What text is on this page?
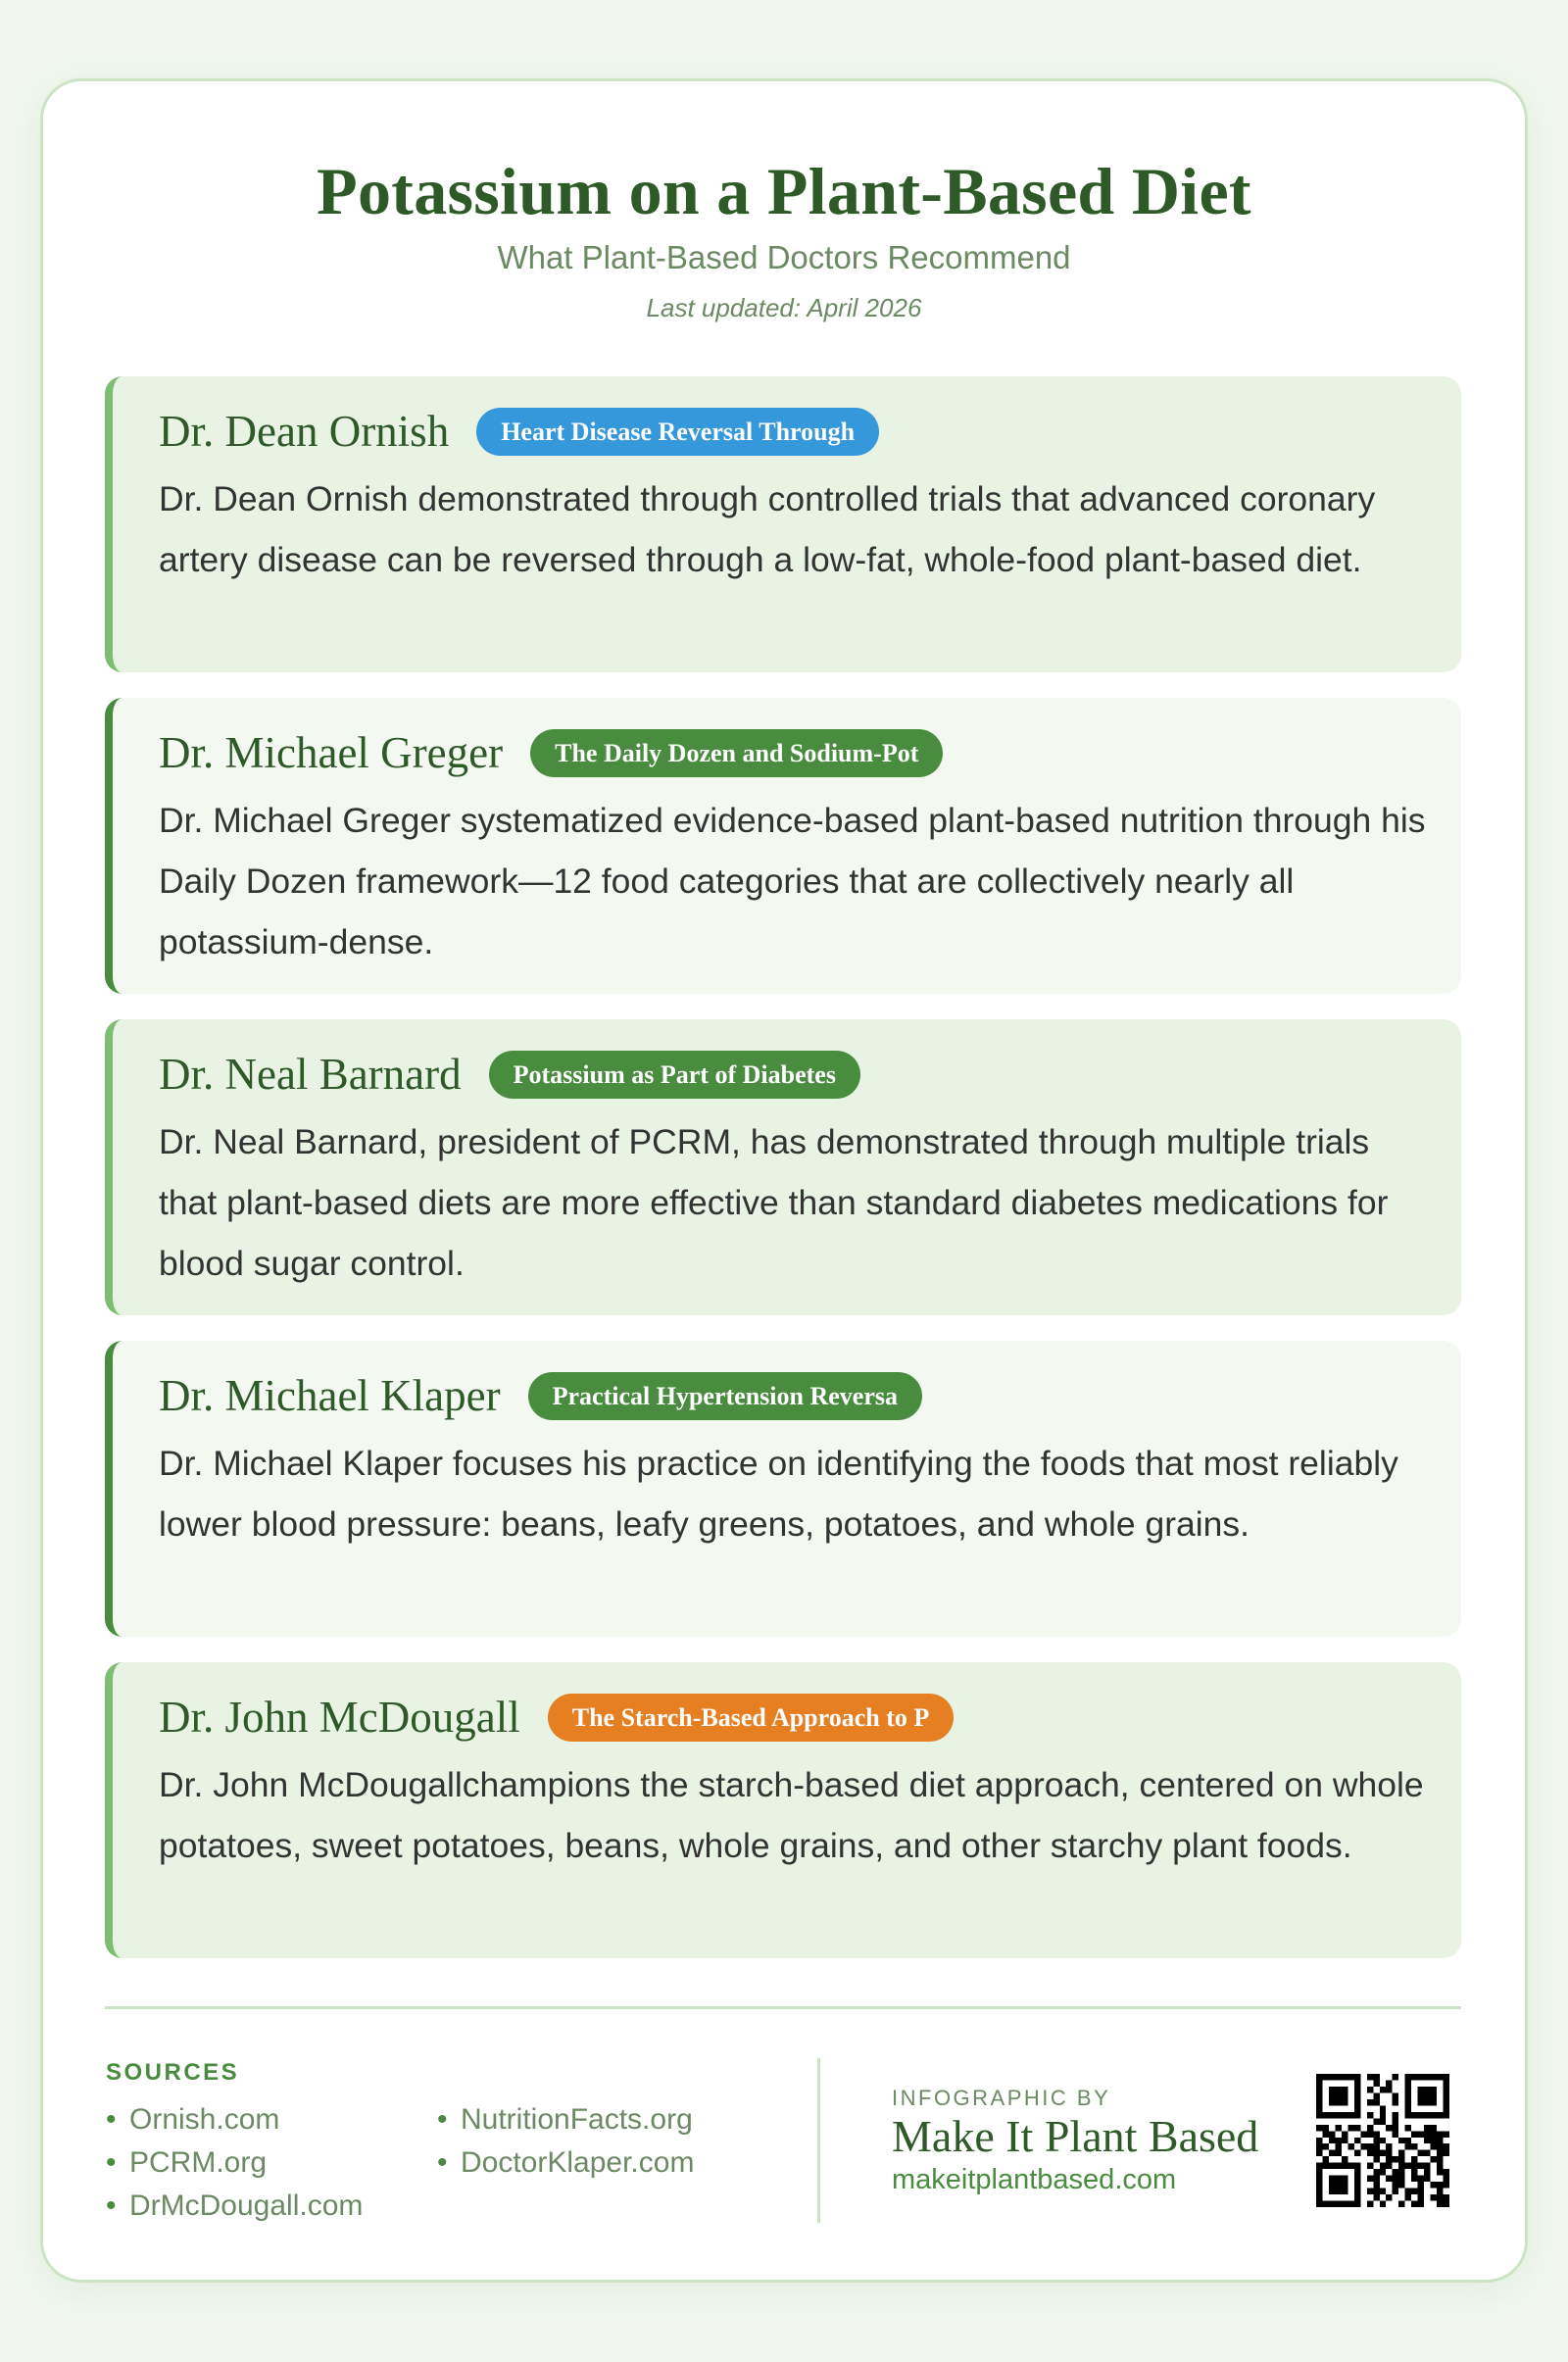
Potassium on a Plant-Based Diet
What Plant-Based Doctors Recommend
Last updated: April 2026
Dr. Dean Ornish	Heart Disease Reversal Through

Dr. Dean Ornish demonstrated through controlled trials that advanced coronary artery disease can be reversed through a low-fat, whole-food plant-based diet.

Dr. Michael Greger	The Daily Dozen and Sodium-Pot

Dr. Michael Greger systematized evidence-based plant-based nutrition through his Daily Dozen framework—12 food categories that are collectively nearly all potassium-dense.

Dr. Neal Barnard	Potassium as Part of Diabetes

Dr. Neal Barnard, president of PCRM, has demonstrated through multiple trials that plant-based diets are more effective than standard diabetes medications for blood sugar control.

Dr. Michael Klaper	Practical Hypertension Reversa

Dr. Michael Klaper focuses his practice on identifying the foods that most reliably lower blood pressure: beans, leafy greens, potatoes, and whole grains.

Dr. John McDougall	The Starch-Based Approach to P

Dr. John McDougallchampions the starch-based diet approach, centered on whole potatoes, sweet potatoes, beans, whole grains, and other starchy plant foods.

SOURCES
• Ornish.com
• PCRM.org
• DrMcDougall.com
• NutritionFacts.org
• DoctorKlaper.com
INFOGRAPHIC BY
Make It Plant Based
makeitplantbased.com
